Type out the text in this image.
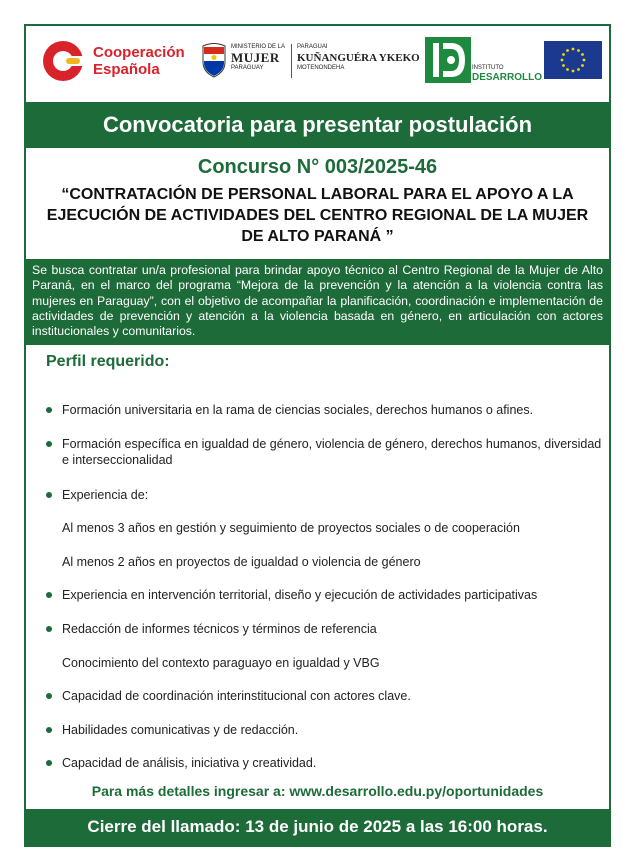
Cooperación
Española
MINISTERIO DE LA
MUJER
PARAGUAY
PARAGUAI
KUÑANGUÉRA YKEKO
MOTENONDEHA	INSTITUTO
DESARROLLO
Convocatoria para presentar postulación
Concurso N° 003/2025-46
“CONTRATACIÓN DE PERSONAL LABORAL PARA EL APOYO A LA EJECUCIÓN DE ACTIVIDADES DEL CENTRO REGIONAL DE LA MUJER DE ALTO PARANÁ ”
Se busca contratar un/a profesional para brindar apoyo técnico al Centro Regional de la Mujer de Alto Paraná, en el marco del programa “Mejora de la prevención y la atención a la violencia contra las mujeres en Paraguay”, con el objetivo de acompañar la planificación, coordinación e implementación de actividades de prevención y atención a la violencia basada en género, en articulación con actores institucionales y comunitarios.
Perfil requerido:
Formación universitaria en la rama de ciencias sociales, derechos humanos o afines.
Formación específica en igualdad de género, violencia de género, derechos humanos, diversidad e interseccionalidad
Experiencia de:
Al menos 3 años en gestión y seguimiento de proyectos sociales o de cooperación
Al menos 2 años en proyectos de igualdad o violencia de género
Experiencia en intervención territorial, diseño y ejecución de actividades participativas
Redacción de informes técnicos y términos de referencia
Conocimiento del contexto paraguayo en igualdad y VBG
Capacidad de coordinación interinstitucional con actores clave.
Habilidades comunicativas y de redacción.
Capacidad de análisis, iniciativa y creatividad.
Para más detalles ingresar a: www.desarrollo.edu.py/oportunidades
Cierre del llamado: 13 de junio de 2025 a las 16:00 horas.
